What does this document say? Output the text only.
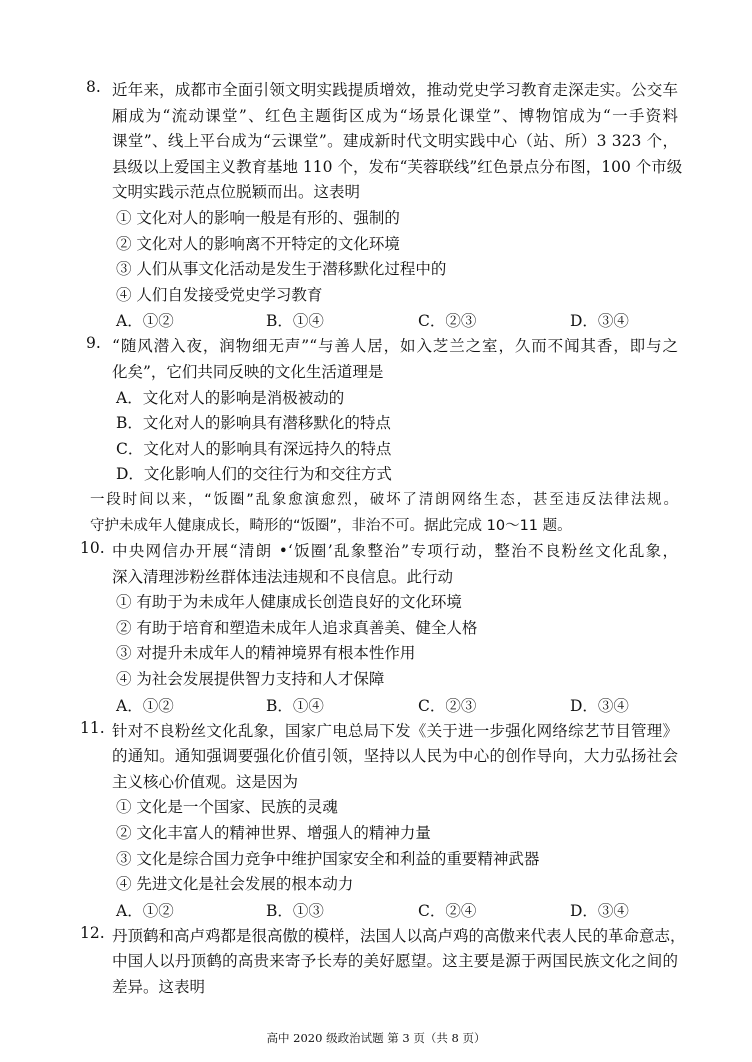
8. 近年来，成都市全面引领文明实践提质增效，推动党史学习教育走深走实。公交车
厢成为“流动课堂”、红色主题街区成为“场景化课堂”、博物馆成为“一手资料
课堂”、线上平台成为“云课堂”。建成新时代文明实践中心（站、所）3 323 个，
县级以上爱国主义教育基地 110 个，发布“芙蓉联线”红色景点分布图，100 个市级
文明实践示范点位脱颖而出。这表明
① 文化对人的影响一般是有形的、强制的
② 文化对人的影响离不开特定的文化环境
③ 人们从事文化活动是发生于潜移默化过程中的
④ 人们自发接受党史学习教育
A．①②	B．①④	C．②③	D．③④
9. “随风潜入夜，润物细无声”“与善人居，如入芝兰之室，久而不闻其香，即与之
化矣”，它们共同反映的文化生活道理是
A．文化对人的影响是消极被动的
B．文化对人的影响具有潜移默化的特点
C．文化对人的影响具有深远持久的特点
D．文化影响人们的交往行为和交往方式
一段时间以来，“饭圈”乱象愈演愈烈，破坏了清朗网络生态，甚至违反法律法规。
守护未成年人健康成长，畸形的“饭圈”，非治不可。据此完成 10～11 题。
10. 中央网信办开展“清朗 •‘饭圈’乱象整治”专项行动，整治不良粉丝文化乱象，
深入清理涉粉丝群体违法违规和不良信息。此行动
① 有助于为未成年人健康成长创造良好的文化环境
② 有助于培育和塑造未成年人追求真善美、健全人格
③ 对提升未成年人的精神境界有根本性作用
④ 为社会发展提供智力支持和人才保障
A．①②	B．①④	C．②③	D．③④
11. 针对不良粉丝文化乱象，国家广电总局下发《关于进一步强化网络综艺节目管理》
的通知。通知强调要强化价值引领，坚持以人民为中心的创作导向，大力弘扬社会
主义核心价值观。这是因为
① 文化是一个国家、民族的灵魂
② 文化丰富人的精神世界、增强人的精神力量
③ 文化是综合国力竞争中维护国家安全和利益的重要精神武器
④ 先进文化是社会发展的根本动力
A．①②	B．①③	C．②④	D．③④
12. 丹顶鹤和高卢鸡都是很高傲的模样，法国人以高卢鸡的高傲来代表人民的革命意志，
中国人以丹顶鹤的高贵来寄予长寿的美好愿望。这主要是源于两国民族文化之间的
差异。这表明
高中 2020 级政治试题 第 3 页（共 8 页）
